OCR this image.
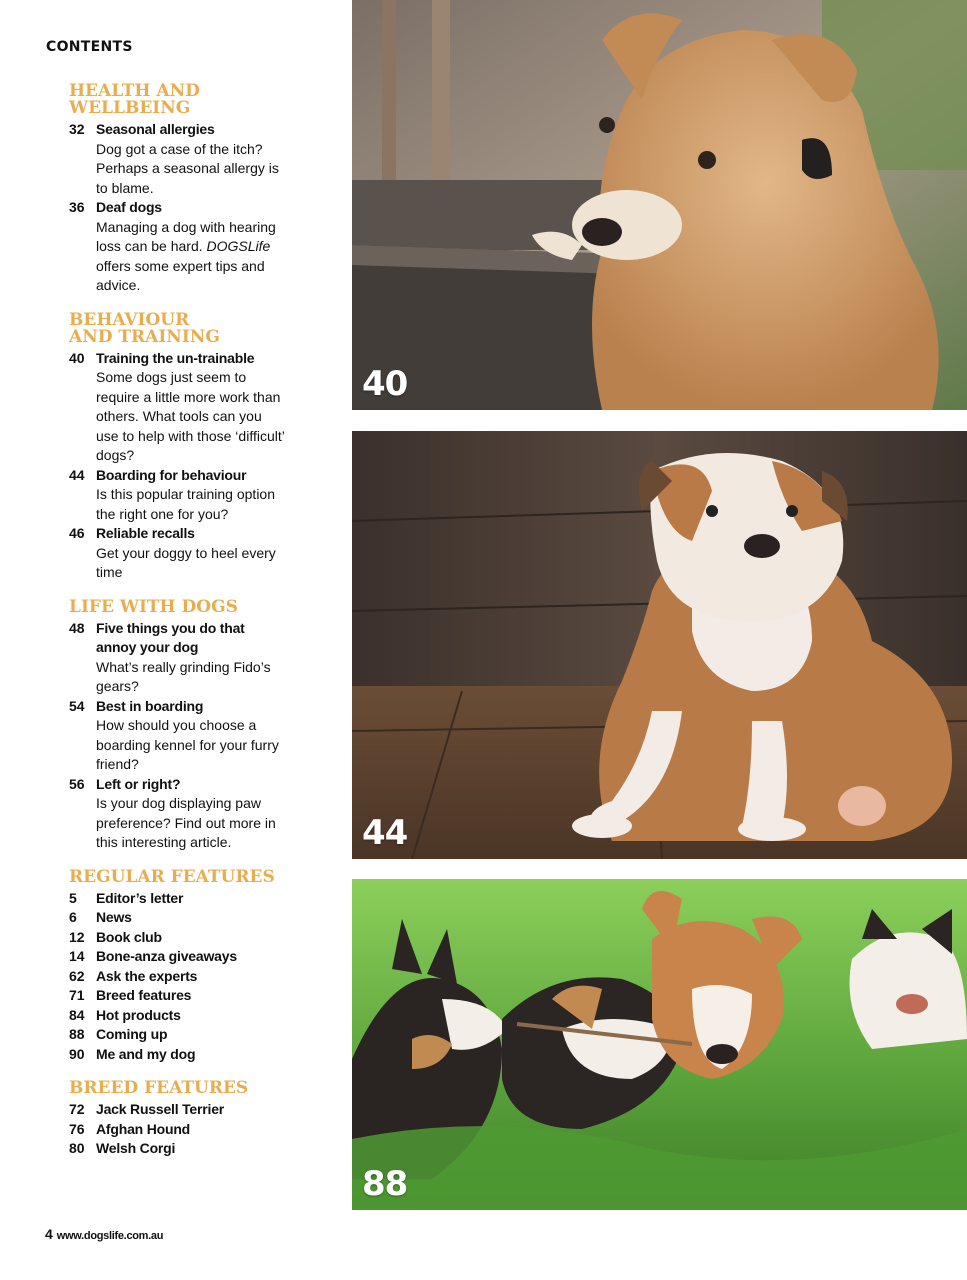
CONTENTS
HEALTH AND WELLBEING
32 Seasonal allergies
Dog got a case of the itch? Perhaps a seasonal allergy is to blame.
36 Deaf dogs
Managing a dog with hearing loss can be hard. DOGSLife offers some expert tips and advice.
BEHAVIOUR AND TRAINING
40 Training the un-trainable
Some dogs just seem to require a little more work than others. What tools can you use to help with those ‘difficult’ dogs?
44 Boarding for behaviour
Is this popular training option the right one for you?
46 Reliable recalls
Get your doggy to heel every time
LIFE WITH DOGS
48 Five things you do that annoy your dog
What’s really grinding Fido’s gears?
54 Best in boarding
How should you choose a boarding kennel for your furry friend?
56 Left or right?
Is your dog displaying paw preference? Find out more in this interesting article.
REGULAR FEATURES
5	Editor’s letter
6	News
12 Book club
14 Bone-anza giveaways
62 Ask the experts
71 Breed features
84 Hot products
88 Coming up
90 Me and my dog
BREED FEATURES
72 Jack Russell Terrier
76 Afghan Hound
80 Welsh Corgi
40
44
88
4 www.dogslife.com.au
